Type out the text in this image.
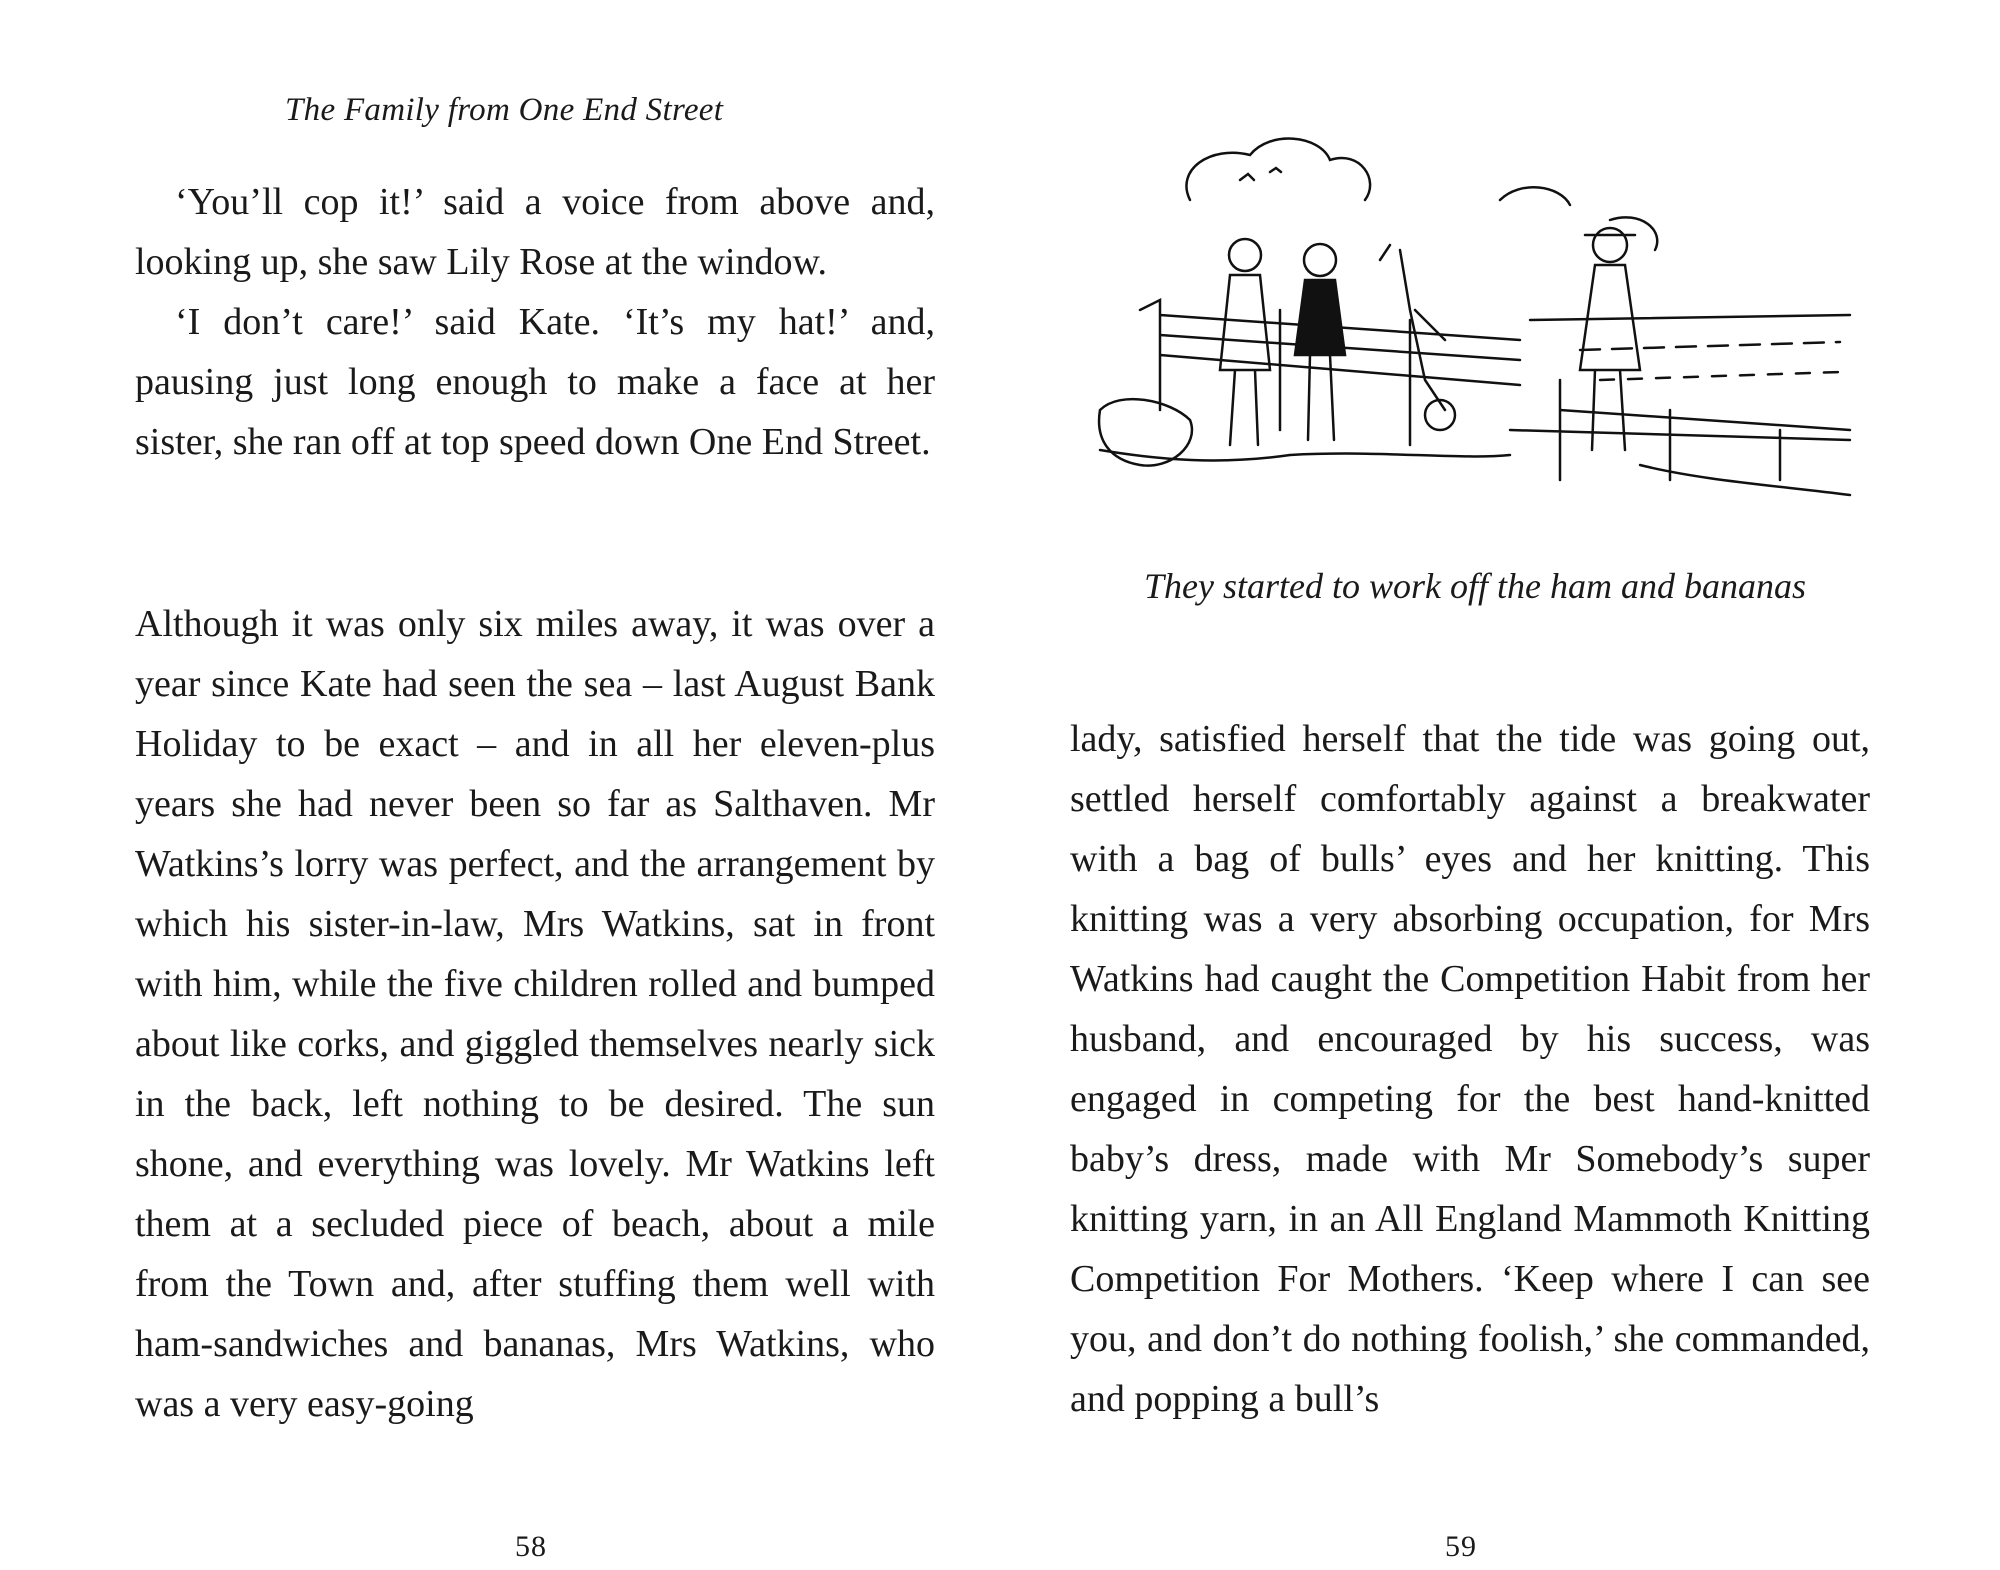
The Family from One End Street

‘You’ll cop it!’ said a voice from above and, looking up, she saw Lily Rose at the window.

‘I don’t care!’ said Kate. ‘It’s my hat!’ and, pausing just long enough to make a face at her sister, she ran off at top speed down One End Street.

Although it was only six miles away, it was over a year since Kate had seen the sea – last August Bank Holiday to be exact – and in all her eleven-plus years she had never been so far as Salthaven. Mr Watkins’s lorry was perfect, and the arrangement by which his sister-in-law, Mrs Watkins, sat in front with him, while the five children rolled and bumped about like corks, and giggled themselves nearly sick in the back, left nothing to be desired. The sun shone, and everything was lovely. Mr Watkins left them at a secluded piece of beach, about a mile from the Town and, after stuffing them well with ham-sandwiches and bananas, Mrs Watkins, who was a very easy-going

58
They started to work off the ham and bananas

lady, satisfied herself that the tide was going out, settled herself comfortably against a breakwater with a bag of bulls’ eyes and her knitting. This knitting was a very absorbing occupation, for Mrs Watkins had caught the Competition Habit from her husband, and encouraged by his success, was engaged in competing for the best hand-knitted baby’s dress, made with Mr Somebody’s super knitting yarn, in an All England Mammoth Knitting Competition For Mothers. ‘Keep where I can see you, and don’t do nothing foolish,’ she commanded, and popping a bull’s

59
